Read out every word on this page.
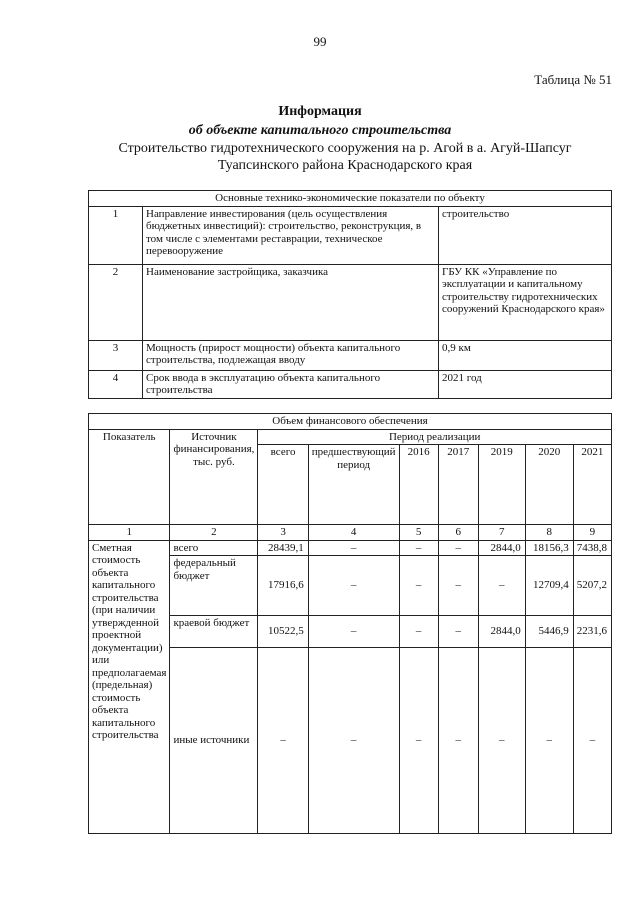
99
Таблица № 51
Информация
об объекте капитального строительства
Строительство гидротехнического сооружения на р. Агой в а. Агуй-Шапсуг Туапсинского района Краснодарского края
Основные технико-экономические показатели по объекту		
1	Направление инвестирования (цель осуществления бюджетных инвестиций): строительство, реконструкция, в том числе с элементами реставрации, техническое перевооружение	строительство
2	Наименование застройщика, заказчика	ГБУ КК «Управление по эксплуатации и капитальному строительству гидротехнических сооружений Краснодарского края»
3	Мощность (прирост мощности) объекта капитального строительства, подлежащая вводу	0,9 км
4	Срок ввода в эксплуатацию объекта капитального строительства	2021 год
Объем финансового обеспечения								
Показатель	Источник финансирования, тыс. руб.	Период реализации						
		всего	предшествующий период	2016	2017	2019	2020	2021
1	2	3	4	5	6	7	8	9
Сметная стоимость объекта капитального строительства (при наличии утвержденной проектной документации) или предполагаемая (предельная) стоимость объекта капитального строительства	всего	28439,1	–	–	–	2844,0	18156,3	7438,8
	федеральный бюджет	17916,6	–	–	–	–	12709,4	5207,2
	краевой бюджет	10522,5	–	–	–	2844,0	5446,9	2231,6
	иные источники	–	–	–	–	–	–	–
